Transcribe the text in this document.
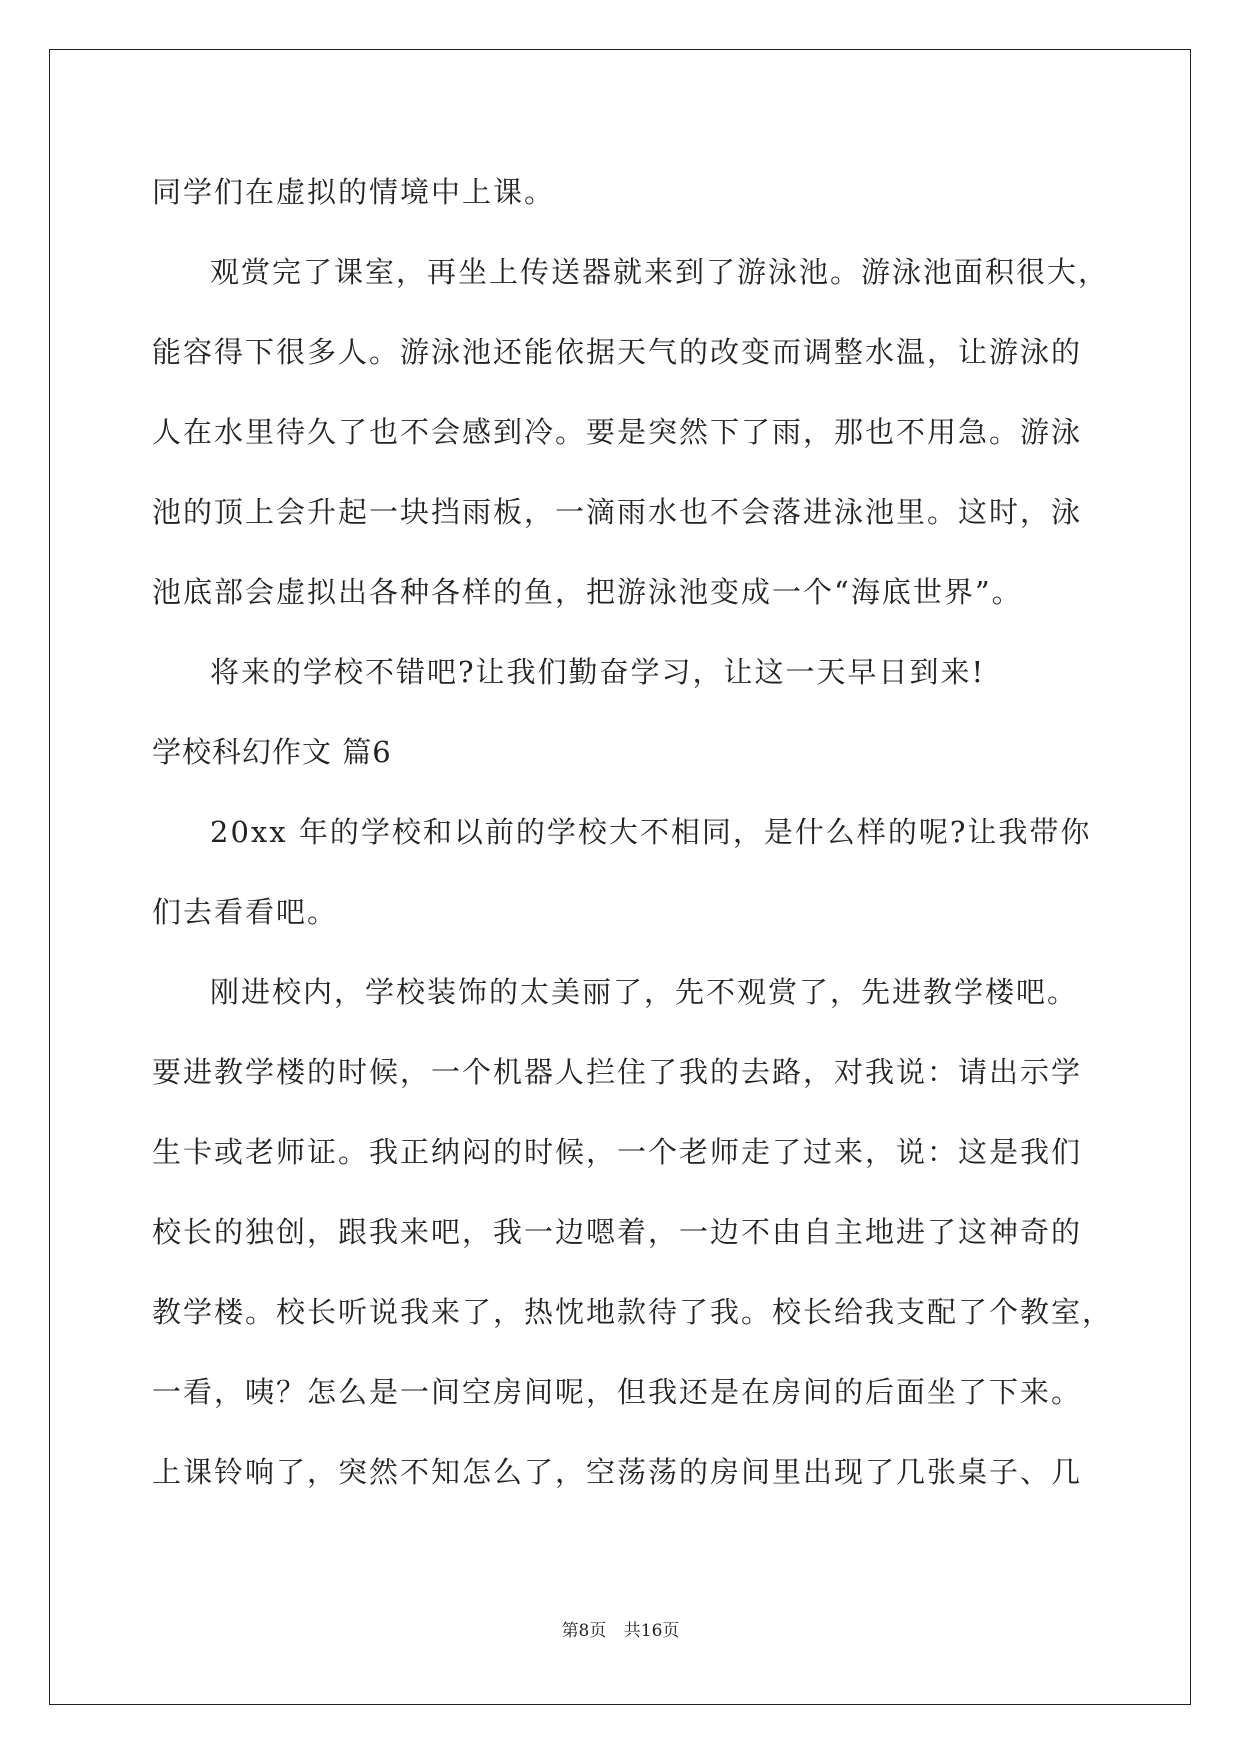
同学们在虚拟的情境中上课。
观赏完了课室，再坐上传送器就来到了游泳池。游泳池面积很大，
能容得下很多人。游泳池还能依据天气的改变而调整水温，让游泳的
人在水里待久了也不会感到冷。要是突然下了雨，那也不用急。游泳
池的顶上会升起一块挡雨板，一滴雨水也不会落进泳池里。这时，泳
池底部会虚拟出各种各样的鱼，把游泳池变成一个“海底世界”。
将来的学校不错吧?让我们勤奋学习，让这一天早日到来!
学校科幻作文 篇6
20xx 年的学校和以前的学校大不相同，是什么样的呢?让我带你
们去看看吧。
刚进校内，学校装饰的太美丽了，先不观赏了，先进教学楼吧。
要进教学楼的时候，一个机器人拦住了我的去路，对我说：请出示学
生卡或老师证。我正纳闷的时候，一个老师走了过来，说：这是我们
校长的独创，跟我来吧，我一边嗯着，一边不由自主地进了这神奇的
教学楼。校长听说我来了，热忱地款待了我。校长给我支配了个教室，
一看，咦？怎么是一间空房间呢，但我还是在房间的后面坐了下来。
上课铃响了，突然不知怎么了，空荡荡的房间里出现了几张桌子、几
第8页 共16页
